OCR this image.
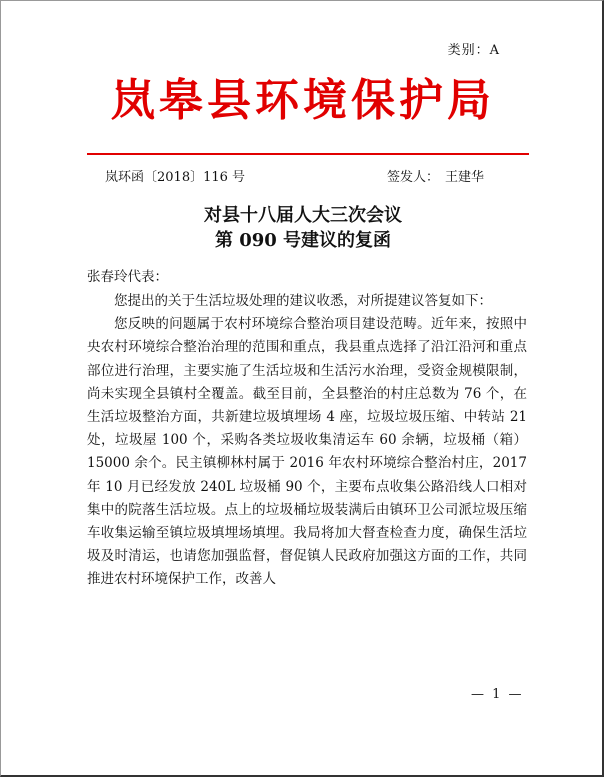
类别：A
岚皋县环境保护局
岚环函〔2018〕116 号	签发人： 王建华
对县十八届人大三次会议
第 090 号建议的复函
张春玲代表：

您提出的关于生活垃圾处理的建议收悉，对所提建议答复如下：

您反映的问题属于农村环境综合整治项目建设范畴。近年来，按照中央农村环境综合整治治理的范围和重点，我县重点选择了沿江沿河和重点部位进行治理，主要实施了生活垃圾和生活污水治理，受资金规模限制，尚未实现全县镇村全覆盖。截至目前，全县整治的村庄总数为 76 个，在生活垃圾整治方面，共新建垃圾填埋场 4 座，垃圾垃圾压缩、中转站 21 处，垃圾屋 100 个，采购各类垃圾收集清运车 60 余辆，垃圾桶（箱）15000 余个。民主镇柳林村属于 2016 年农村环境综合整治村庄，2017 年 10 月已经发放 240L 垃圾桶 90 个，主要布点收集公路沿线人口相对集中的院落生活垃圾。点上的垃圾桶垃圾装满后由镇环卫公司派垃圾压缩车收集运输至镇垃圾填埋场填埋。我局将加大督查检查力度，确保生活垃圾及时清运，也请您加强监督，督促镇人民政府加强这方面的工作，共同推进农村环境保护工作，改善人

— 1 —
